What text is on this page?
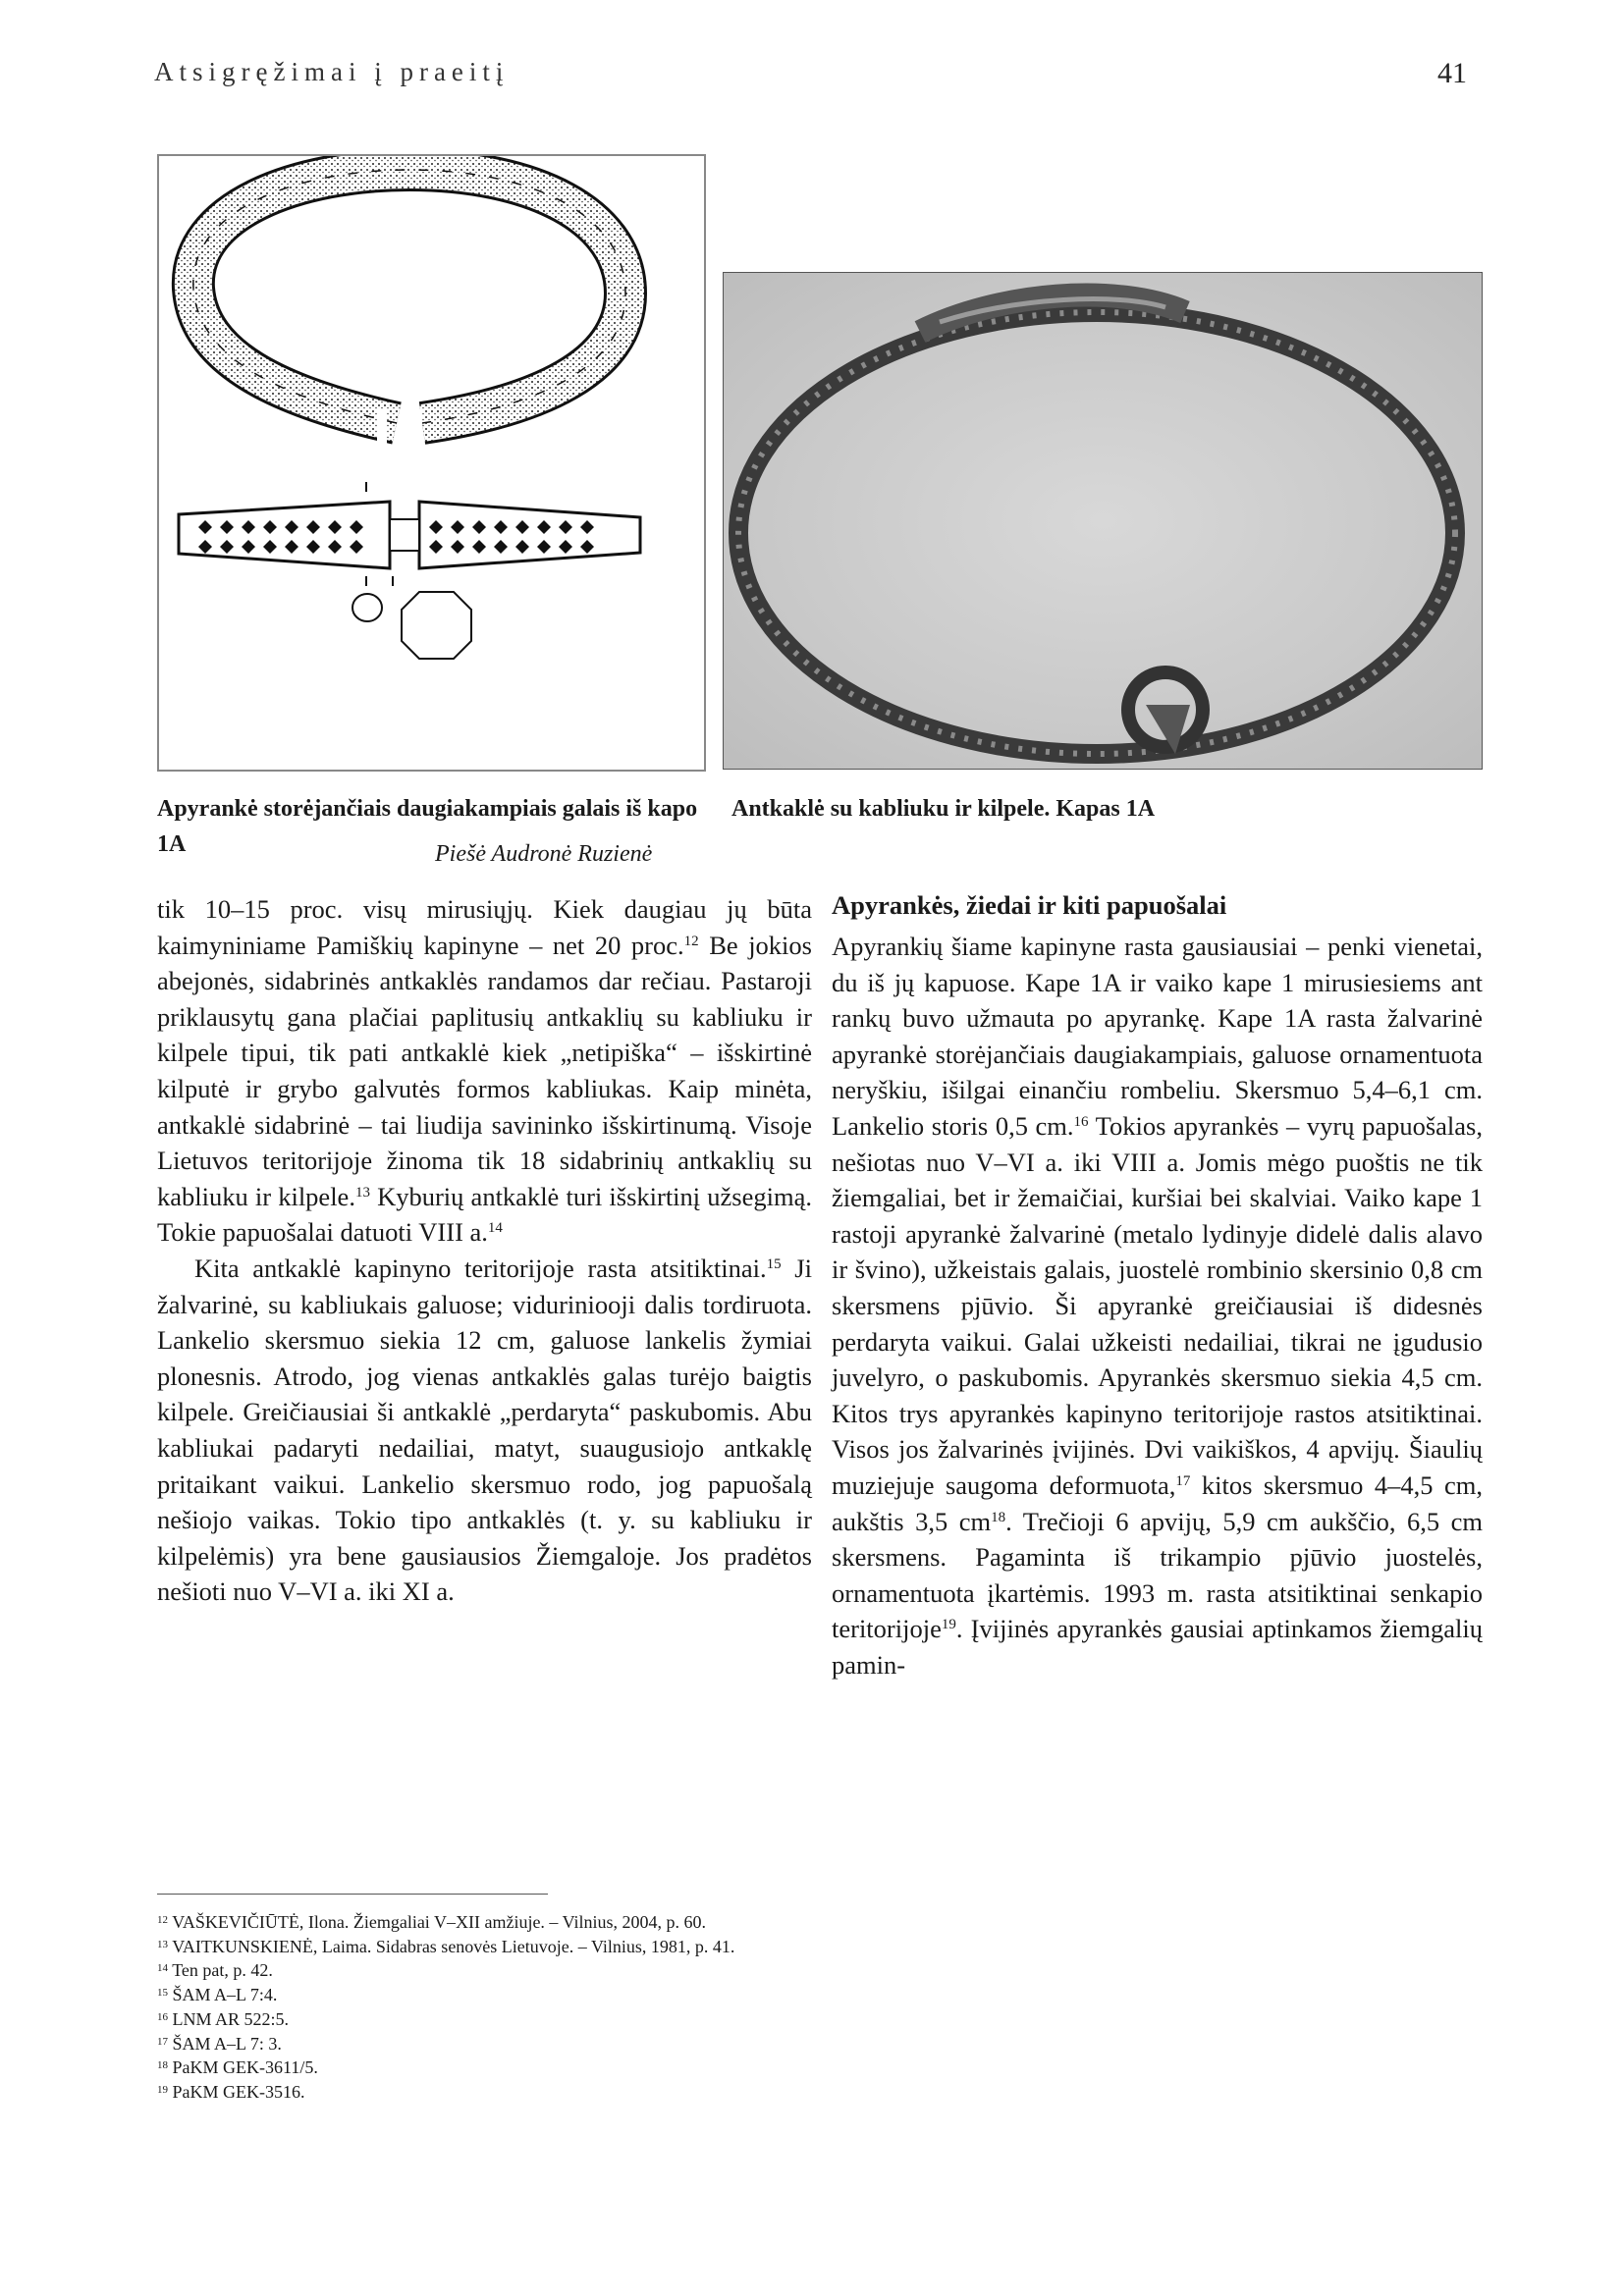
Atsigręžimai į praeitį	41
Apyrankė storėjančiais daugiakampiais galais iš kapo 1A	Piešė Audronė Ruzienė
Antkaklė su kabliuku ir kilpele. Kapas 1A

tik 10–15 proc. visų mirusiųjų. Kiek daugiau jų būta kaimyniniame Pamiškių kapinyne – net 20 proc.$^{12}$ Be jokios abejonės, sidabrinės antkaklės randamos dar rečiau. Pastaroji priklausytų gana plačiai paplitusių antkaklių su kabliuku ir kilpele tipui, tik pati antkaklė kiek „netipiška“ – išskirtinė kilputė ir grybo galvutės formos kabliukas. Kaip minėta, antkaklė sidabrinė – tai liudija savininko išskirtinumą. Visoje Lietuvos teritorijoje žinoma tik 18 sidabrinių antkaklių su kabliuku ir kilpele.$^{13}$ Kyburių antkaklė turi išskirtinį užsegimą. Tokie papuošalai datuoti VIII a.$^{14}$

Kita antkaklė kapinyno teritorijoje rasta atsitiktinai.$^{15}$ Ji žalvarinė, su kabliukais galuose; viduriniooji dalis tordiruota. Lankelio skersmuo siekia 12 cm, galuose lankelis žymiai plonesnis. Atrodo, jog vienas antkaklės galas turėjo baigtis kilpele. Greičiausiai ši antkaklė „perdaryta“ paskubomis. Abu kabliukai padaryti nedailiai, matyt, suaugusiojo antkaklę pritaikant vaikui. Lankelio skersmuo rodo, jog papuošalą nešiojo vaikas. Tokio tipo antkaklės (t. y. su kabliuku ir kilpelėmis) yra bene gausiausios Žiemgaloje. Jos pradėtos nešioti nuo V–VI a. iki XI a.

Apyrankės, žiedai ir kiti papuošalai

Apyrankių šiame kapinyne rasta gausiausiai – penki vienetai, du iš jų kapuose. Kape 1A ir vaiko kape 1 mirusiesiems ant rankų buvo užmauta po apyrankę. Kape 1A rasta žalvarinė apyrankė storėjančiais daugiakampiais, galuose ornamentuota neryškiu, išilgai einančiu rombeliu. Skersmuo 5,4–6,1 cm. Lankelio storis 0,5 cm.$^{16}$ Tokios apyrankės – vyrų papuošalas, nešiotas nuo V–VI a. iki VIII a. Jomis mėgo puoštis ne tik žiemgaliai, bet ir žemaičiai, kuršiai bei skalviai. Vaiko kape 1 rastoji apyrankė žalvarinė (metalo lydinyje didelė dalis alavo ir švino), užkeistais galais, juostelė rombinio skersinio 0,8 cm skersmens pjūvio. Ši apyrankė greičiausiai iš didesnės perdaryta vaikui. Galai užkeisti nedailiai, tikrai ne įgudusio juvelyro, o paskubomis. Apyrankės skersmuo siekia 4,5 cm. Kitos trys apyrankės kapinyno teritorijoje rastos atsitiktinai. Visos jos žalvarinės įvijinės. Dvi vaikiškos, 4 apvijų. Šiaulių muziejuje saugoma deformuota,$^{17}$ kitos skersmuo 4–4,5 cm, aukštis 3,5 $cm^{18}$. Trečioji 6 apvijų, 5,9 cm aukščio, 6,5 cm skersmens. Pagaminta iš trikampio pjūvio juostelės, ornamentuota įkartėmis. 1993 m. rasta atsitiktinai senkapio teritorijoje$^{19}$. Įvijinės apyrankės gausiai aptinkamos žiemgalių pamin-

$^{12}$ VAŠKEVIČIŪTĖ, Ilona. Žiemgaliai V–XII amžiuje. – Vilnius, 2004, p. 60.
$^{13}$ VAITKUNSKIENĖ, Laima. Sidabras senovės Lietuvoje. – Vilnius, 1981, p. 41.
$^{14}$ Ten pat, p. 42.
$^{15}$ ŠAM A–L 7:4.
$^{16}$ LNM AR 522:5.
$^{17}$ ŠAM A–L 7: 3.
$^{18}$ PaKM GEK-3611/5.
$^{19}$ PaKM GEK-3516.
